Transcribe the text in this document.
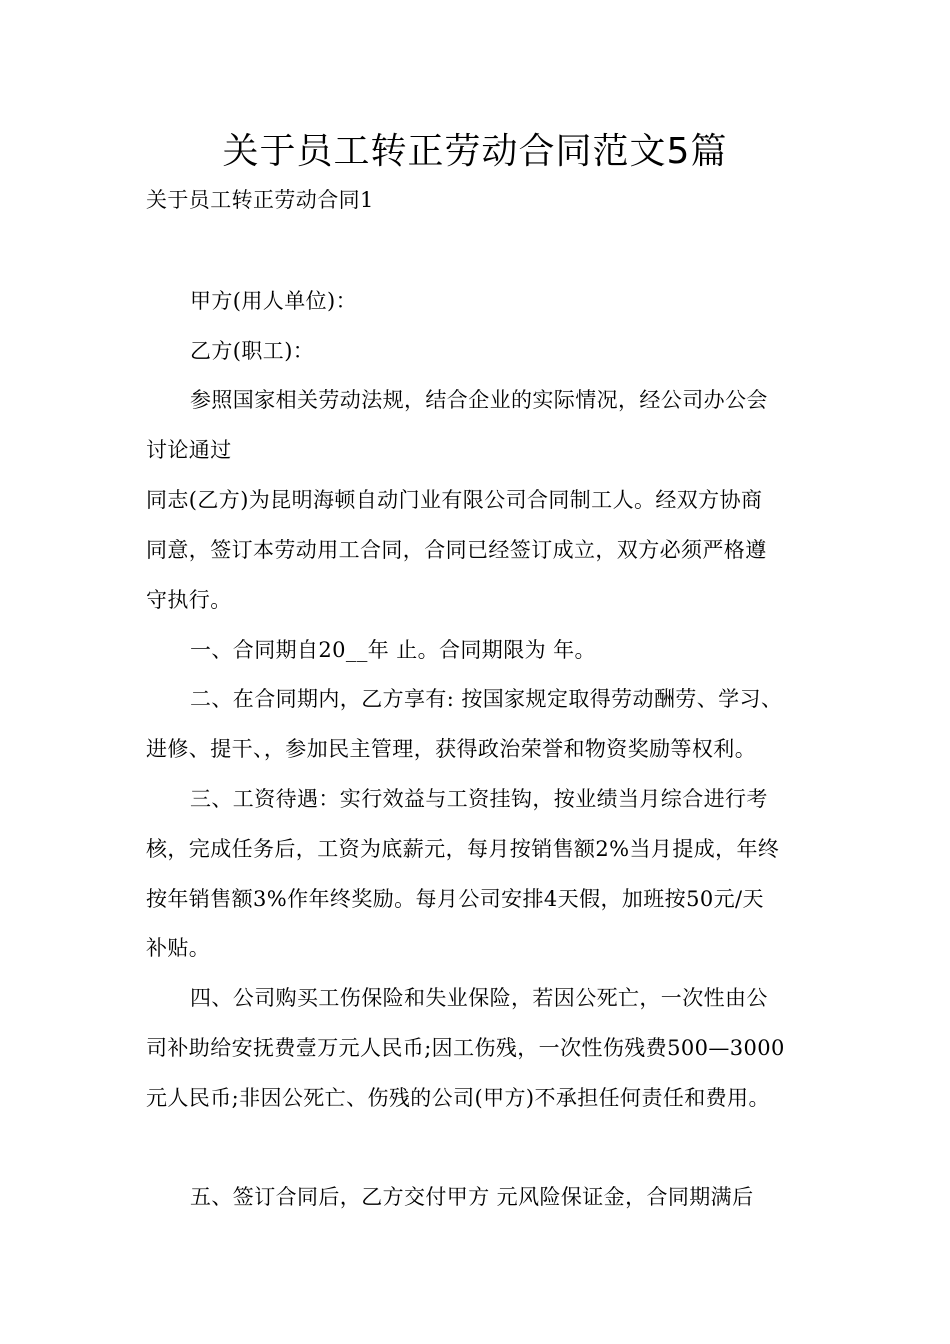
关于员工转正劳动合同范文5篇
关于员工转正劳动合同1
甲方(用人单位)：
乙方(职工)：
参照国家相关劳动法规，结合企业的实际情况，经公司办公会
讨论通过
同志(乙方)为昆明海顿自动门业有限公司合同制工人。经双方协商
同意，签订本劳动用工合同，合同已经签订成立，双方必须严格遵
守执行。
一、合同期自20__年 止。合同期限为 年。
二、在合同期内，乙方享有: 按国家规定取得劳动酬劳、学习、
进修、提干、，参加民主管理，获得政治荣誉和物资奖励等权利。
三、工资待遇：实行效益与工资挂钩，按业绩当月综合进行考
核，完成任务后，工资为底薪元，每月按销售额2%当月提成，年终
按年销售额3%作年终奖励。每月公司安排4天假，加班按50元/天
补贴。
四、公司购买工伤保险和失业保险，若因公死亡，一次性由公
司补助给安抚费壹万元人民币;因工伤残，一次性伤残费500—3000
元人民币;非因公死亡、伤残的公司(甲方)不承担任何责任和费用。
五、签订合同后，乙方交付甲方 元风险保证金，合同期满后
